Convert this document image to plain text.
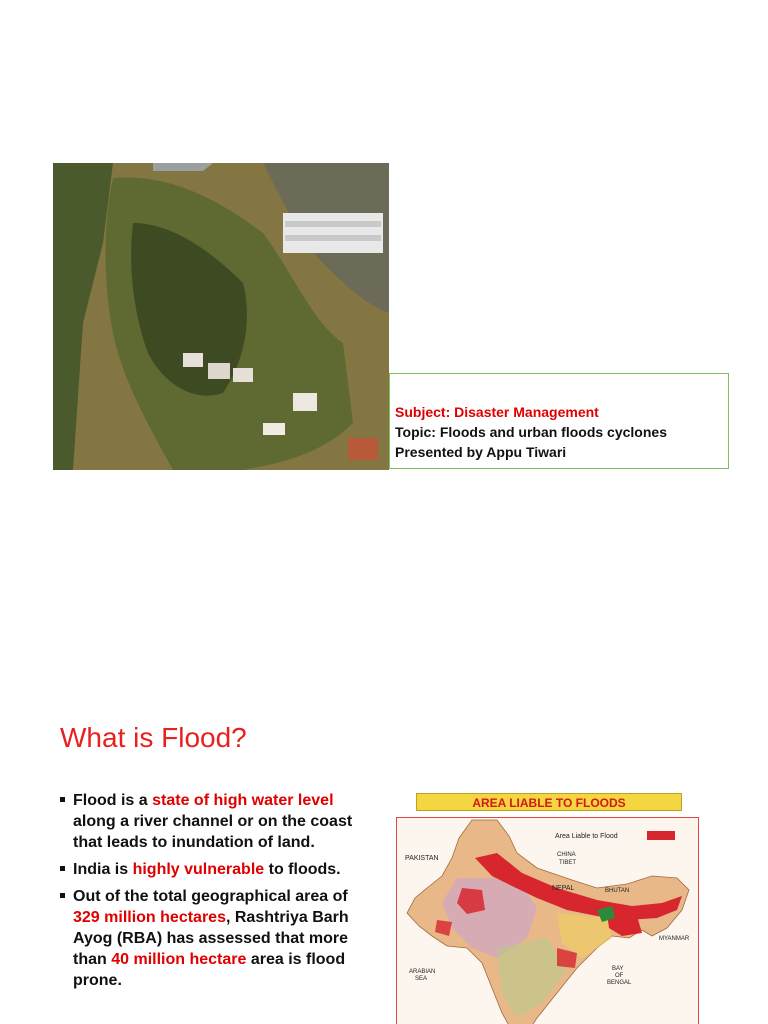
Subject: Disaster Management
Topic: Floods and urban floods cyclones
Presented by Appu Tiwari
What is Flood?
Flood is a state of high water level along a river channel or on the coast that leads to inundation of land.
India is highly vulnerable to floods.
Out of the total geographical area of 329 million hectares, Rashtriya Barh Ayog (RBA) has assessed that more than 40 million hectare area is flood prone.
AREA LIABLE TO FLOODS
Area Liable to Flood
PAKISTAN	CHINA
TIBET
NEPAL	BHUTAN
MYANMAR
ARABIAN
SEA
BAY
OF
BENGAL
